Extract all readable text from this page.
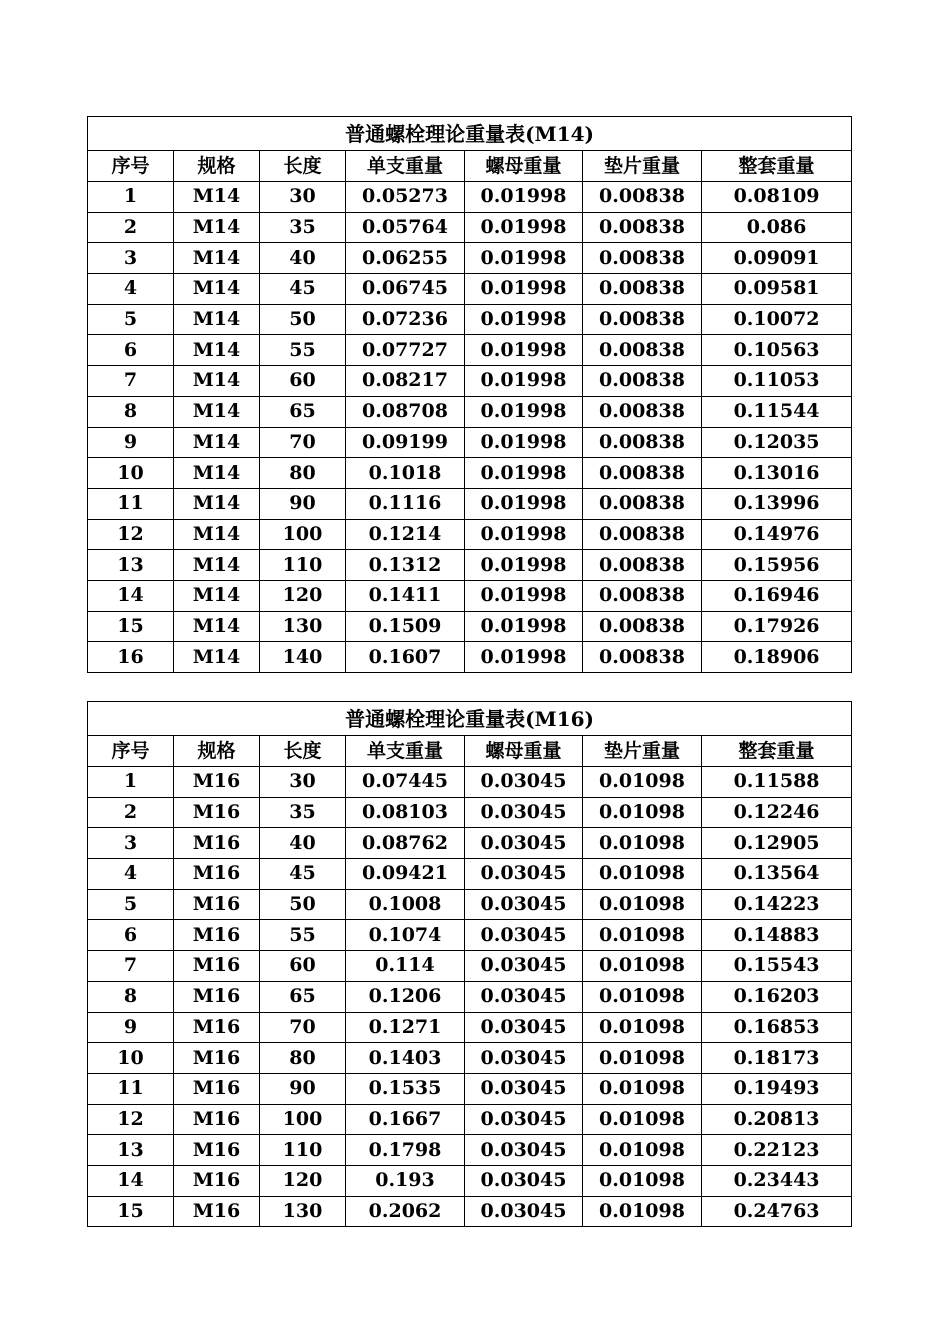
普通螺栓理论重量表(M14)						
序号	规格	长度	单支重量	螺母重量	垫片重量	整套重量
1	M14	30	0.05273	0.01998	0.00838	0.08109
2	M14	35	0.05764	0.01998	0.00838	0.086
3	M14	40	0.06255	0.01998	0.00838	0.09091
4	M14	45	0.06745	0.01998	0.00838	0.09581
5	M14	50	0.07236	0.01998	0.00838	0.10072
6	M14	55	0.07727	0.01998	0.00838	0.10563
7	M14	60	0.08217	0.01998	0.00838	0.11053
8	M14	65	0.08708	0.01998	0.00838	0.11544
9	M14	70	0.09199	0.01998	0.00838	0.12035
10	M14	80	0.1018	0.01998	0.00838	0.13016
11	M14	90	0.1116	0.01998	0.00838	0.13996
12	M14	100	0.1214	0.01998	0.00838	0.14976
13	M14	110	0.1312	0.01998	0.00838	0.15956
14	M14	120	0.1411	0.01998	0.00838	0.16946
15	M14	130	0.1509	0.01998	0.00838	0.17926
16	M14	140	0.1607	0.01998	0.00838	0.18906
普通螺栓理论重量表(M16)						
序号	规格	长度	单支重量	螺母重量	垫片重量	整套重量
1	M16	30	0.07445	0.03045	0.01098	0.11588
2	M16	35	0.08103	0.03045	0.01098	0.12246
3	M16	40	0.08762	0.03045	0.01098	0.12905
4	M16	45	0.09421	0.03045	0.01098	0.13564
5	M16	50	0.1008	0.03045	0.01098	0.14223
6	M16	55	0.1074	0.03045	0.01098	0.14883
7	M16	60	0.114	0.03045	0.01098	0.15543
8	M16	65	0.1206	0.03045	0.01098	0.16203
9	M16	70	0.1271	0.03045	0.01098	0.16853
10	M16	80	0.1403	0.03045	0.01098	0.18173
11	M16	90	0.1535	0.03045	0.01098	0.19493
12	M16	100	0.1667	0.03045	0.01098	0.20813
13	M16	110	0.1798	0.03045	0.01098	0.22123
14	M16	120	0.193	0.03045	0.01098	0.23443
15	M16	130	0.2062	0.03045	0.01098	0.24763
